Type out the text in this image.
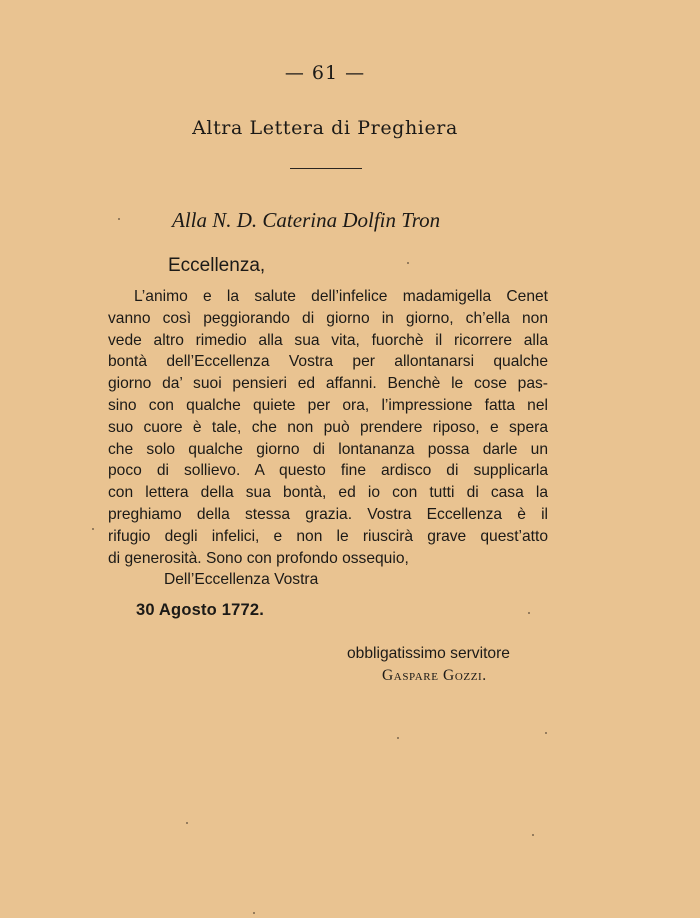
— 61 —
Altra Lettera di Preghiera
Alla N. D. Caterina Dolfin Tron
Eccellenza,
L’animo e la salute dell’infelice madamigella Cenet
vanno così peggiorando di giorno in giorno, ch’ella non
vede altro rimedio alla sua vita, fuorchè il ricorrere alla
bontà dell’Eccellenza Vostra per allontanarsi qualche
giorno da’ suoi pensieri ed affanni. Benchè le cose pas-
sino con qualche quiete per ora, l’impressione fatta nel
suo cuore è tale, che non può prendere riposo, e spera
che solo qualche giorno di lontananza possa darle un
poco di sollievo. A questo fine ardisco di supplicarla
con lettera della sua bontà, ed io con tutti di casa la
preghiamo della stessa grazia. Vostra Eccellenza è il
rifugio degli infelici, e non le riuscirà grave quest’atto
di generosità. Sono con profondo ossequio,
Dell’Eccellenza Vostra
30 Agosto 1772.
obbligatissimo servitore
Gaspare Gozzi.
